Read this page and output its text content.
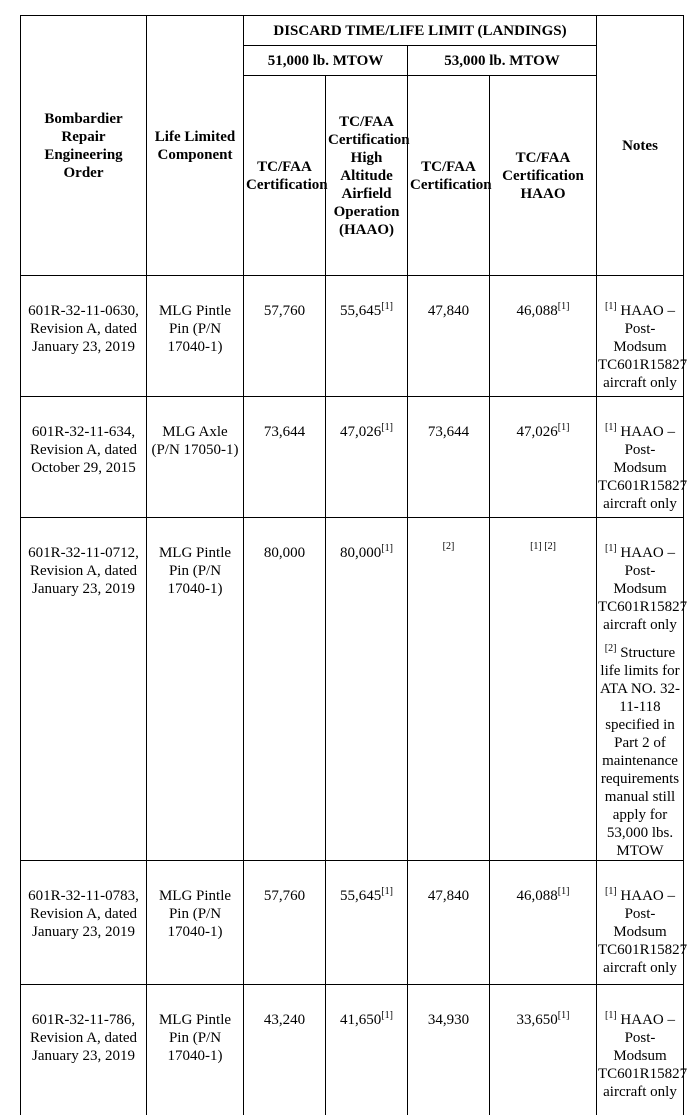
Bombardier Repair Engineering Order	Life Limited Component	DISCARD TIME/LIFE LIMIT (LANDINGS)				Notes
		51,000 lb. MTOW		53,000 lb. MTOW		
		TC/FAA Certification	TC/FAA Certification High Altitude Airfield Operation (HAAO)	TC/FAA Certification	TC/FAA Certification HAAO	
601R-32-11-0630, Revision A, dated January 23, 2019	MLG Pintle Pin (P/N 17040-1)	57,760	55,645[1]	47,840	46,088[1]	[1] HAAO – Post-Modsum TC601R15827 aircraft only

601R-32-11-634, Revision A, dated October 29, 2015	MLG Axle (P/N 17050-1)	73,644	47,026[1]	73,644	47,026[1]	[1] HAAO – Post-Modsum TC601R15827 aircraft only

601R-32-11-0712, Revision A, dated January 23, 2019	MLG Pintle Pin (P/N 17040-1)	80,000	80,000[1]	[2]	[1] [2]	[1] HAAO – Post-Modsum TC601R15827 aircraft only
[2] Structure life limits for ATA NO. 32-11-118 specified in Part 2 of maintenance requirements manual still apply for 53,000 lbs. MTOW

601R-32-11-0783, Revision A, dated January 23, 2019	MLG Pintle Pin (P/N 17040-1)	57,760	55,645[1]	47,840	46,088[1]	[1] HAAO – Post-Modsum TC601R15827 aircraft only

601R-32-11-786, Revision A, dated January 23, 2019	MLG Pintle Pin (P/N 17040-1)	43,240	41,650[1]	34,930	33,650[1]	[1] HAAO – Post-Modsum TC601R15827 aircraft only
